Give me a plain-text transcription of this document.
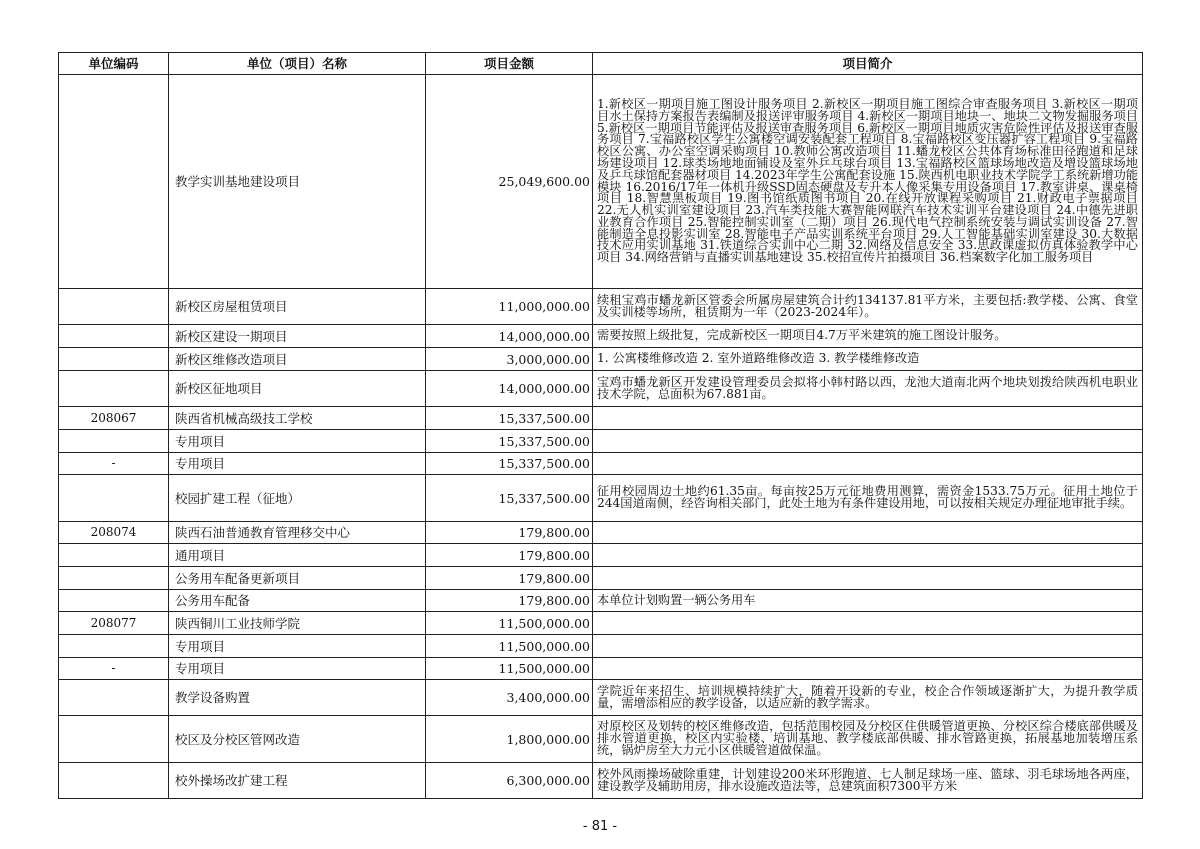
单位编码	单位（项目）名称	项目金额	项目简介
	教学实训基地建设项目	25,049,600.00	1.新校区一期项目施工图设计服务项目 2.新校区一期项目施工图综合审查服务项目 3.新校区一期项目水土保持方案报告表编制及报送评审服务项目 4.新校区一期项目地块一、地块二文物发掘服务项目 5.新校区一期项目节能评估及报送审查服务项目 6.新校区一期项目地质灾害危险性评估及报送审查服务项目 7.宝福路校区学生公寓楼空调安装配套工程项目 8.宝福路校区变压器扩容工程项目 9.宝福路校区公寓、办公室空调采购项目 10.教师公寓改造项目 11.蟠龙校区公共体育场标准田径跑道和足球场建设项目 12.球类场地地面铺设及室外乒乓球台项目 13.宝福路校区篮球场地改造及增设篮球场地及乒乓球馆配套器材项目 14.2023年学生公寓配套设施 15.陕西机电职业技术学院学工系统新增功能模块 16.2016/17年一体机升级SSD固态硬盘及专升本人像采集专用设备项目 17.教室讲桌、课桌椅项目 18.智慧黑板项目 19.图书馆纸质图书项目 20.在线开放课程采购项目 21.财政电子票据项目 22.无人机实训室建设项目 23.汽车类技能大赛智能网联汽车技术实训平台建设项目 24.中德先进职业教育合作项目 25.智能控制实训室（二期）项目 26.现代电气控制系统安装与调试实训设备 27.智能制造全息投影实训室 28.智能电子产品实训系统平台项目 29.人工智能基础实训室建设 30.大数据技术应用实训基地 31.铁道综合实训中心二期 32.网络及信息安全 33.思政课虚拟仿真体验教学中心项目 34.网络营销与直播实训基地建设 35.校招宣传片拍摄项目 36.档案数字化加工服务项目
	新校区房屋租赁项目	11,000,000.00	续租宝鸡市蟠龙新区管委会所属房屋建筑合计约134137.81平方米，主要包括:教学楼、公寓、食堂及实训楼等场所，租赁期为一年（2023-2024年）。
	新校区建设一期项目	14,000,000.00	需要按照上级批复，完成新校区一期项目4.7万平米建筑的施工图设计服务。
	新校区维修改造项目	3,000,000.00	1. 公寓楼维修改造 2. 室外道路维修改造 3. 教学楼维修改造
	新校区征地项目	14,000,000.00	宝鸡市蟠龙新区开发建设管理委员会拟将小韩村路以西，龙池大道南北两个地块划拨给陕西机电职业技术学院，总面积为67.881亩。
208067	陕西省机械高级技工学校	15,337,500.00	
	专用项目	15,337,500.00	
-	专用项目	15,337,500.00	
	校园扩建工程（征地）	15,337,500.00	征用校园周边土地约61.35亩。每亩按25万元征地费用测算，需资金1533.75万元。征用土地位于244国道南侧，经咨询相关部门，此处土地为有条件建设用地，可以按相关规定办理征地审批手续。
208074	陕西石油普通教育管理移交中心	179,800.00	
	通用项目	179,800.00	
	公务用车配备更新项目	179,800.00	
	公务用车配备	179,800.00	本单位计划购置一辆公务用车
208077	陕西铜川工业技师学院	11,500,000.00	
	专用项目	11,500,000.00	
-	专用项目	11,500,000.00	
	教学设备购置	3,400,000.00	学院近年来招生、培训规模持续扩大，随着开设新的专业，校企合作领域逐渐扩大，为提升教学质量，需增添相应的教学设备，以适应新的教学需求。
	校区及分校区管网改造	1,800,000.00	对原校区及划转的校区维修改造，包括范围校园及分校区住供暖管道更换、分校区综合楼底部供暖及排水管道更换，校区内实验楼、培训基地、教学楼底部供暖、排水管路更换，拓展基地加装增压系统，锅炉房至大力元小区供暖管道做保温。
	校外操场改扩建工程	6,300,000.00	校外风雨操场破除重建，计划建设200米环形跑道、七人制足球场一座、篮球、羽毛球场地各两座，建设教学及辅助用房，排水设施改造法等，总建筑面积7300平方米
- 81 -
